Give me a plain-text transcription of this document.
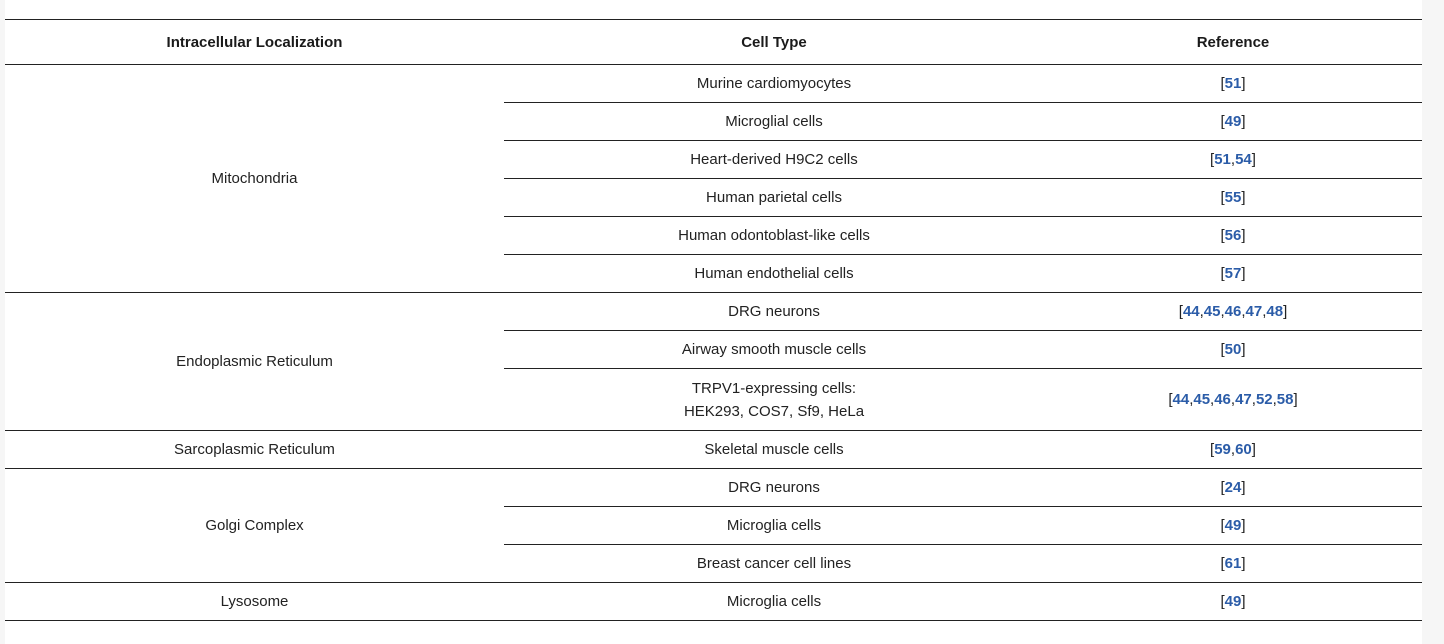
Intracellular Localization	Cell Type	Reference
Mitochondria	Murine cardiomyocytes	[51]

	Microglial cells	[49]

	Heart-derived H9C2 cells	[51,54]

	Human parietal cells	[55]

	Human odontoblast-like cells	[56]

	Human endothelial cells	[57]
Endoplasmic Reticulum	DRG neurons	[44,45,46,47,48]

	Airway smooth muscle cells	[50]

	TRPV1-expressing cells:
HEK293, COS7, Sf9, HeLa	[44,45,46,47,52,58]
Sarcoplasmic Reticulum	Skeletal muscle cells	[59,60]
Golgi Complex	DRG neurons	[24]

	Microglia cells	[49]

	Breast cancer cell lines	[61]
Lysosome	Microglia cells	[49]
